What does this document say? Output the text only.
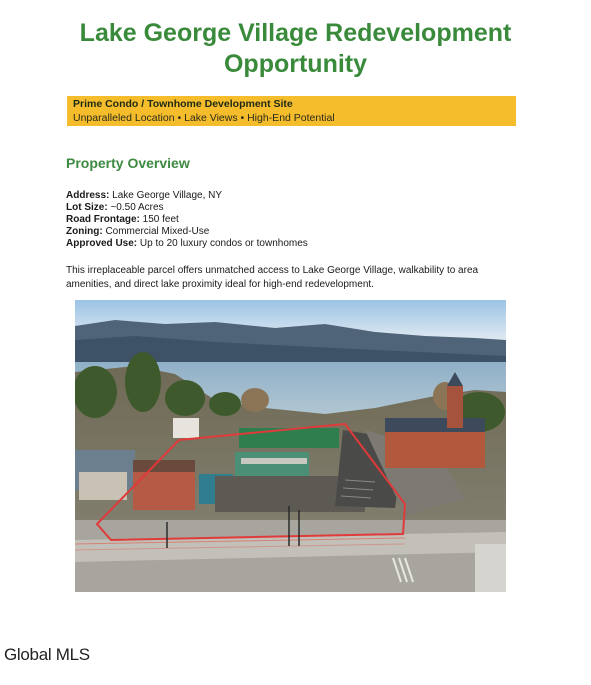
Lake George Village Redevelopment
Opportunity
Prime Condo / Townhome Development Site
Unparalleled Location • Lake Views • High-End Potential
Property Overview
Address: Lake George Village, NY
Lot Size: ~0.50 Acres
Road Frontage: 150 feet
Zoning: Commercial Mixed-Use
Approved Use: Up to 20 luxury condos or townhomes
This irreplaceable parcel offers unmatched access to Lake George Village, walkability to area
amenities, and direct lake proximity ideal for high-end redevelopment.
Global MLS
